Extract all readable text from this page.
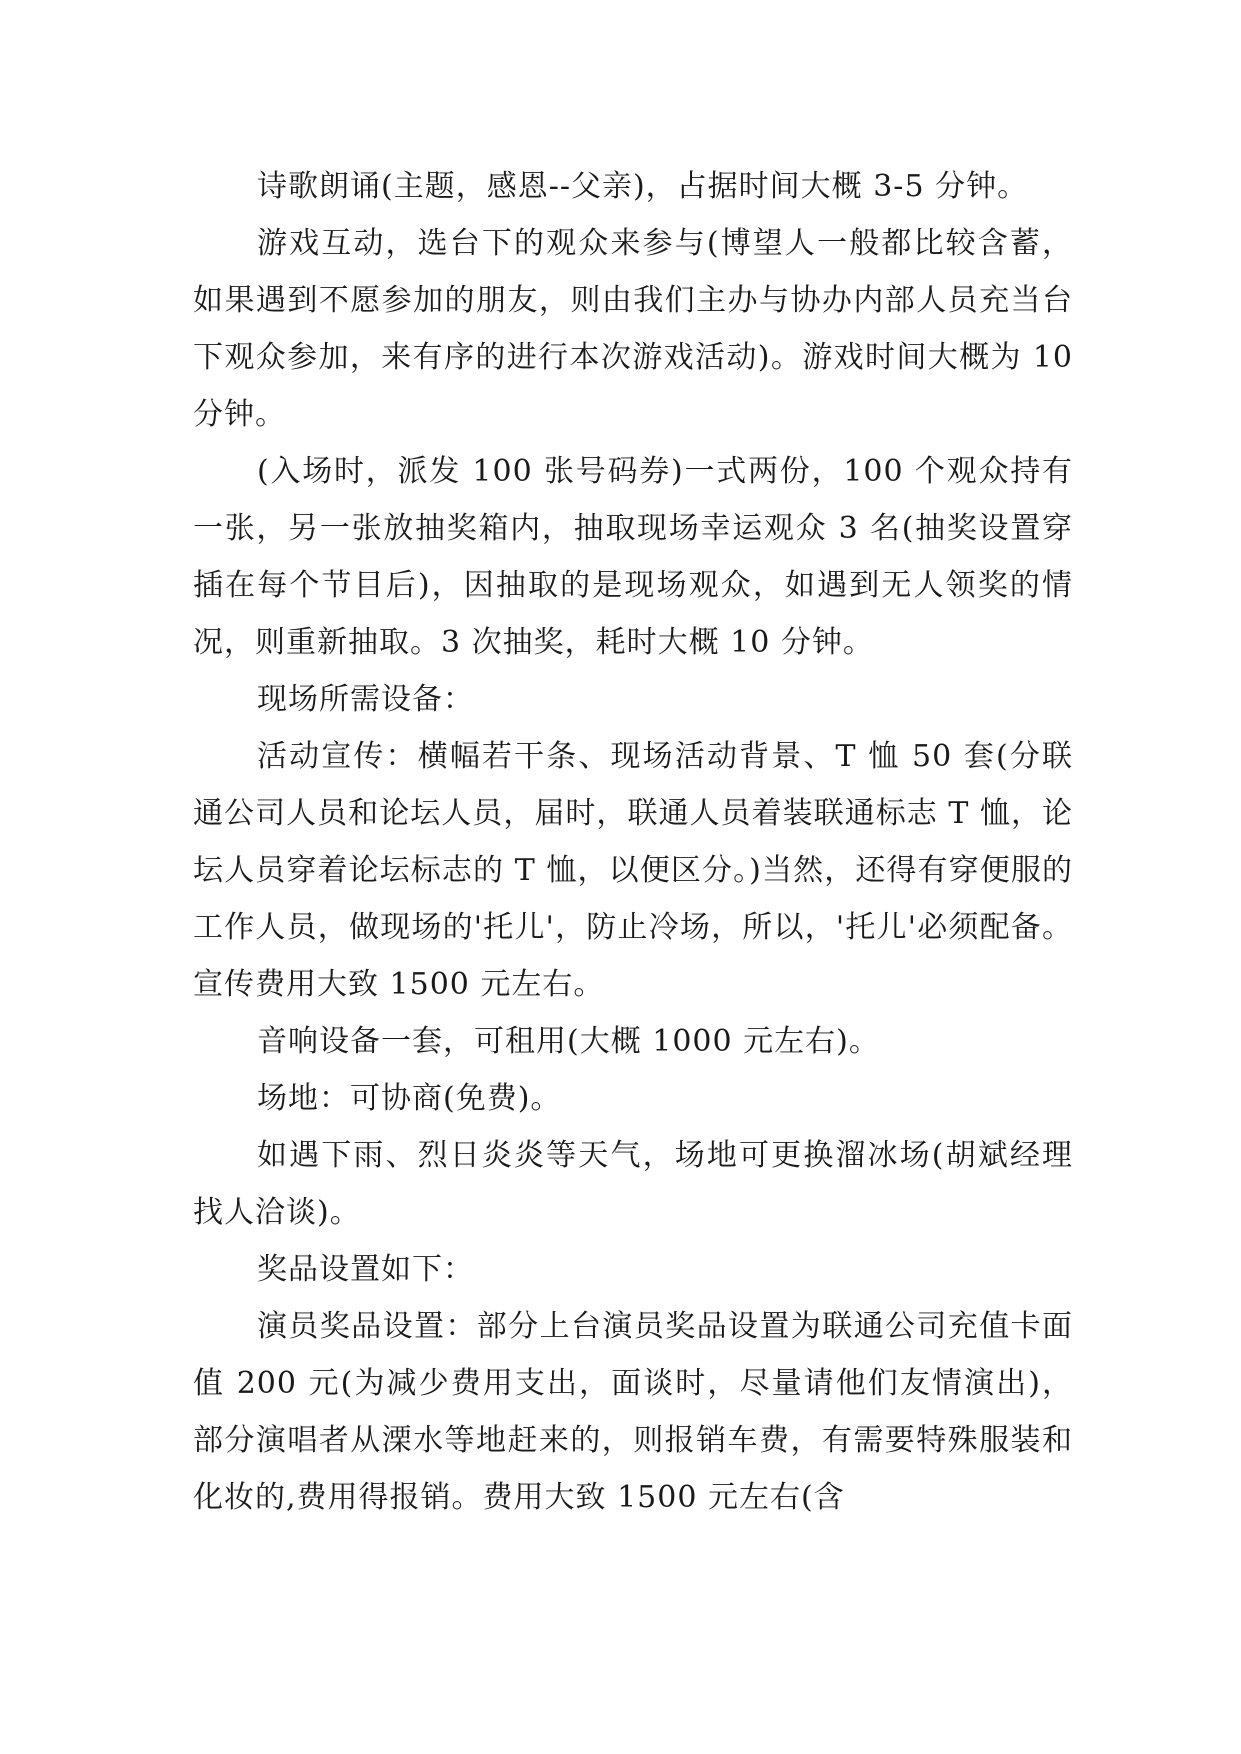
诗歌朗诵(主题，感恩--父亲)，占据时间大概 3-5 分钟。

游戏互动，选台下的观众来参与(博望人一般都比较含蓄，如果遇到不愿参加的朋友，则由我们主办与协办内部人员充当台下观众参加，来有序的进行本次游戏活动)。游戏时间大概为 10 分钟。

(入场时，派发 100 张号码券)一式两份，100 个观众持有一张，另一张放抽奖箱内，抽取现场幸运观众 3 名(抽奖设置穿插在每个节目后)，因抽取的是现场观众，如遇到无人领奖的情况，则重新抽取。3 次抽奖，耗时大概 10 分钟。

现场所需设备：

活动宣传：横幅若干条、现场活动背景、T 恤 50 套(分联通公司人员和论坛人员，届时，联通人员着装联通标志 T 恤，论坛人员穿着论坛标志的 T 恤，以便区分。)当然，还得有穿便服的工作人员，做现场的'托儿'，防止冷场，所以，'托儿'必须配备。宣传费用大致 1500 元左右。

音响设备一套，可租用(大概 1000 元左右)。

场地：可协商(免费)。

如遇下雨、烈日炎炎等天气，场地可更换溜冰场(胡斌经理找人洽谈)。

奖品设置如下：

演员奖品设置：部分上台演员奖品设置为联通公司充值卡面值 200 元(为减少费用支出，面谈时，尽量请他们友情演出)，部分演唱者从溧水等地赶来的，则报销车费，有需要特殊服装和化妆的,费用得报销。费用大致 1500 元左右(含
